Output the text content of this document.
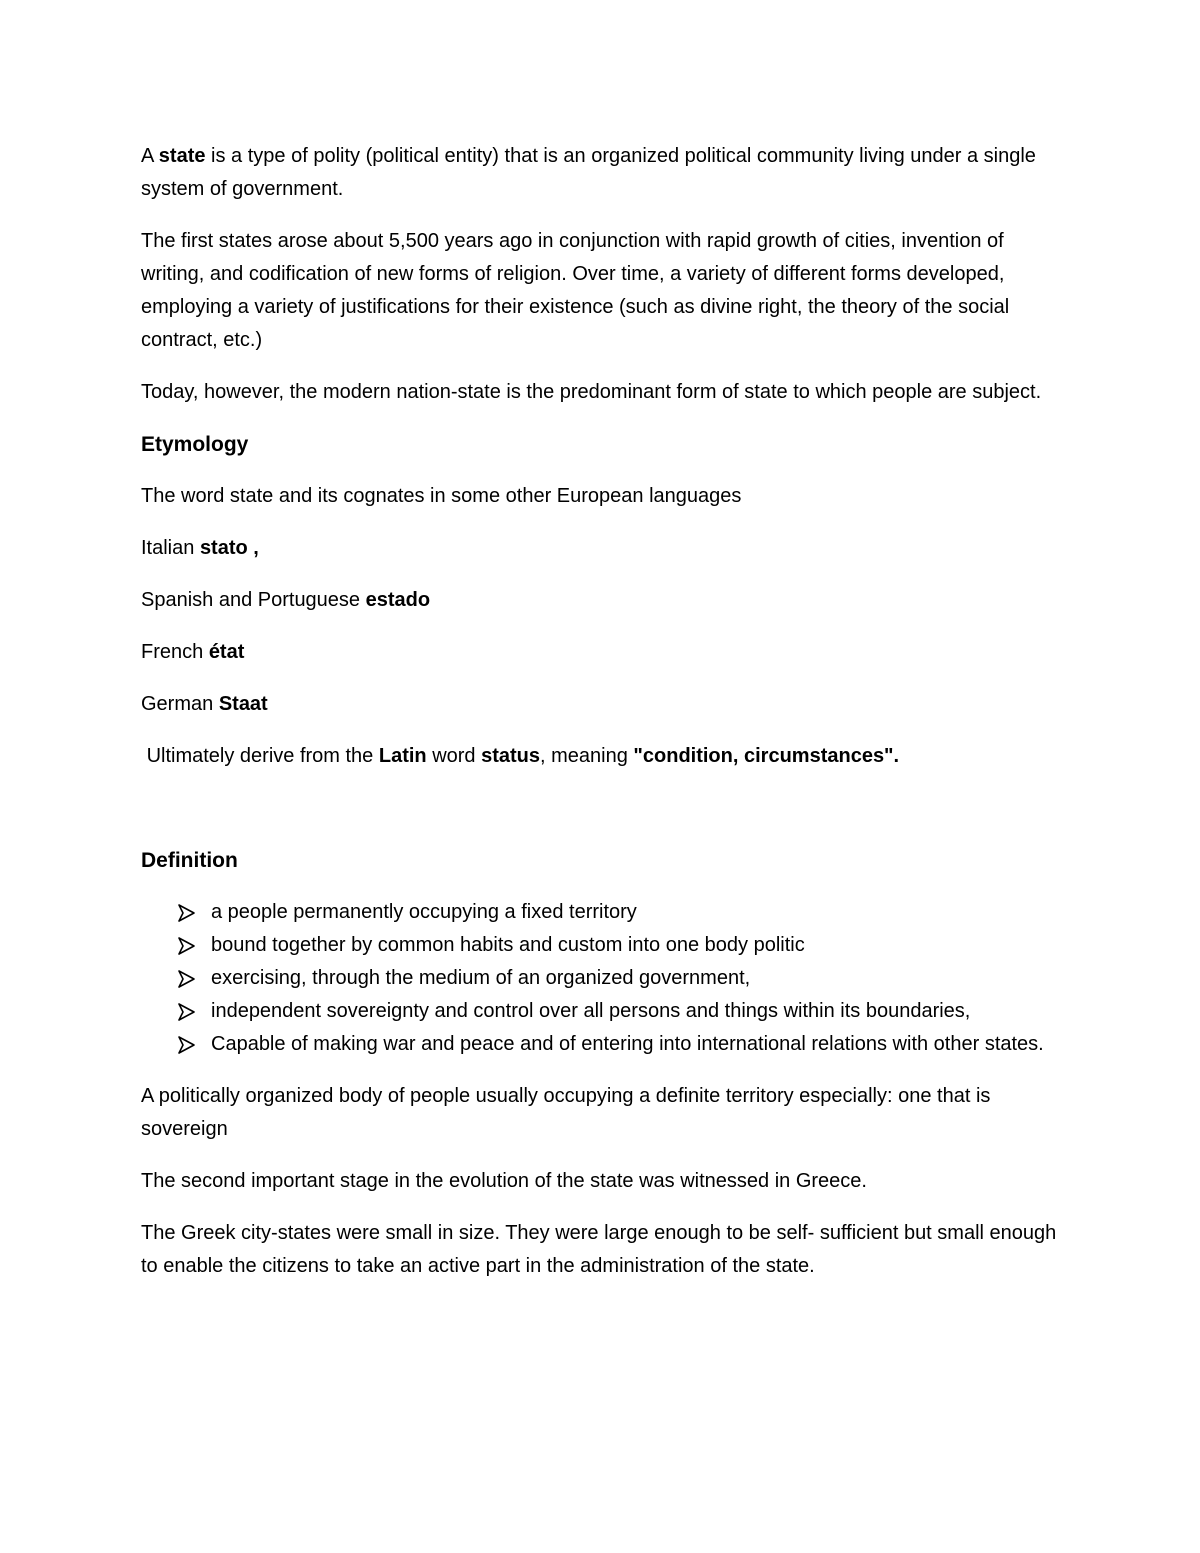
A state is a type of polity (political entity) that is an organized political community living under a single system of government.

The first states arose about 5,500 years ago in conjunction with rapid growth of cities, invention of writing, and codification of new forms of religion. Over time, a variety of different forms developed, employing a variety of justifications for their existence (such as divine right, the theory of the social contract, etc.)

Today, however, the modern nation-state is the predominant form of state to which people are subject.

Etymology

The word state and its cognates in some other European languages

Italian stato ,

Spanish and Portuguese estado

French état

German Staat

Ultimately derive from the Latin word status, meaning "condition, circumstances".

Definition
a people permanently occupying a fixed territory
bound together by common habits and custom into one body politic
exercising, through the medium of an organized government,
independent sovereignty and control over all persons and things within its boundaries,
Capable of making war and peace and of entering into international relations with other states.

A politically organized body of people usually occupying a definite territory especially: one that is sovereign

The second important stage in the evolution of the state was witnessed in Greece.

The Greek city-states were small in size. They were large enough to be self- sufficient but small enough to enable the citizens to take an active part in the administration of the state.
